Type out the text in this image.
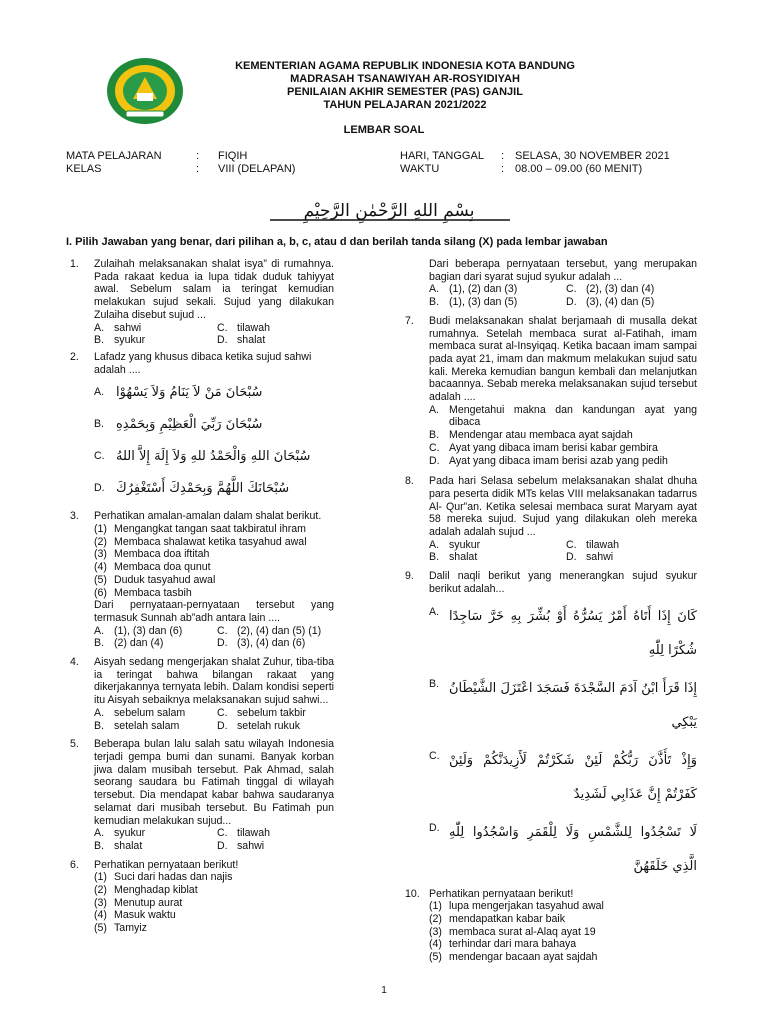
KEMENTERIAN AGAMA REPUBLIK INDONESIA KOTA BANDUNG
MADRASAH TSANAWIYAH AR-ROSYIDIYAH
PENILAIAN AKHIR SEMESTER (PAS) GANJIL
TAHUN PELAJARAN 2021/2022
LEMBAR SOAL
MATA PELAJARAN	:	FIQIH
KELAS	:	VIII (DELAPAN)
HARI, TANGGAL	: SELASA, 30 NOVEMBER 2021
WAKTU	: 08.00 – 09.00 (60 MENIT)
بِسْمِ اللهِ الرَّحْمٰنِ الرَّحِيْمِ
I. Pilih Jawaban yang benar, dari pilihan a, b, c, atau d dan berilah tanda silang (X) pada lembar jawaban
1.	Zulaihah melaksanakan shalat isya” di rumahnya. Pada rakaat kedua ia lupa tidak duduk tahiyyat awal. Sebelum salam ia teringat kemudian melakukan sujud sekali. Sujud yang dilakukan Zulaiha disebut sujud ...
A. sahwi	C. tilawah
B. syukur	D. shalat
2.	Lafadz yang khusus dibaca ketika sujud sahwi adalah ....
A. سُبْحَانَ مَنْ لاَ يَنَامُ وَلاَ يَسْهُوْا
B. سُبْحَانَ رَبِّيَ الْعَظِيْمِ وَبِحَمْدِهِ
C. سُبْحَانَ اللهِ وَالْحَمْدُ للهِ وَلاَ إِلَهَ إِلاَّ اللهُ
D. سُبْحَانَكَ اللَّهُمَّ وَبِحَمْدِكَ أَسْتَغْفِرُكَ
3.	Perhatikan amalan-amalan dalam shalat berikut.
(1) Mengangkat tangan saat takbiratul ihram
(2) Membaca shalawat ketika tasyahud awal
(3) Membaca doa iftitah
(4) Membaca doa qunut
(5) Duduk tasyahud awal
(6) Membaca tasbih
Dari pernyataan-pernyataan tersebut yang termasuk Sunnah ab”adh antara lain ....
A. (1), (3) dan (6)	C. (2), (4) dan (5) (1)
B. (2) dan (4)	D. (3), (4) dan (6)
4.	Aisyah sedang mengerjakan shalat Zuhur, tiba-tiba ia teringat bahwa bilangan rakaat yang dikerjakannya ternyata lebih. Dalam kondisi seperti itu Aisyah sebaiknya melaksanakan sujud sahwi...
A. sebelum salam	C. sebelum takbir
B. setelah salam	D. setelah rukuk
5.	Beberapa bulan lalu salah satu wilayah Indonesia terjadi gempa bumi dan sunami. Banyak korban jiwa dalam musibah tersebut. Pak Ahmad, salah seorang saudara bu Fatimah tinggal di wilayah tersebut. Dia mendapat kabar bahwa saudaranya selamat dari musibah tersebut. Bu Fatimah pun kemudian melakukan sujud...
A. syukur	C. tilawah
B. shalat	D. sahwi
6.	Perhatikan pernyataan berikut!
(1) Suci dari hadas dan najis
(2) Menghadap kiblat
(3) Menutup aurat
(4) Masuk waktu
(5) Tamyiz
Dari beberapa pernyataan tersebut, yang merupakan bagian dari syarat sujud syukur adalah ...
A. (1), (2) dan (3)	C. (2), (3) dan (4)
B. (1), (3) dan (5)	D. (3), (4) dan (5)
7.	Budi melaksanakan shalat berjamaah di musalla dekat rumahnya. Setelah membaca surat al-Fatihah, imam membaca surat al-Insyiqaq. Ketika bacaan imam sampai pada ayat 21, imam dan makmum melakukan sujud satu kali. Mereka kemudian bangun kembali dan melanjutkan bacaannya. Sebab mereka melaksanakan sujud tersebut adalah ....
A. Mengetahui makna dan kandungan ayat yang dibaca
B. Mendengar atau membaca ayat sajdah
C. Ayat yang dibaca imam berisi kabar gembira
D. Ayat yang dibaca imam berisi azab yang pedih
8.	Pada hari Selasa sebelum melaksanakan shalat dhuha para peserta didik MTs kelas VIII melaksanakan tadarrus Al- Qur”an. Ketika selesai membaca surat Maryam ayat 58 mereka sujud. Sujud yang dilakukan oleh mereka adalah adalah sujud ...
A. syukur	C. tilawah
B. shalat	D. sahwi
9.	Dalil naqli berikut yang menerangkan sujud syukur berikut adalah...
A. كَانَ إِذَا أَتَاهُ أَمْرٌ يَسُرُّهُ أَوْ بُشِّرَ بِهِ خَرَّ سَاجِدًا شُكْرًا لِلّٰهِ
B. إِذَا قَرَأَ ابْنُ آدَمَ السَّجْدَةَ فَسَجَدَ اعْتَزَلَ الشَّيْطَانُ يَبْكِي
C. وَإِذْ تَأَذَّنَ رَبُّكُمْ لَئِنْ شَكَرْتُمْ لَأَزِيدَنَّكُمْ وَلَئِنْ كَفَرْتُمْ إِنَّ عَذَابِي لَشَدِيدٌ
D. لَا تَسْجُدُوا لِلشَّمْسِ وَلَا لِلْقَمَرِ وَاسْجُدُوا لِلّٰهِ الَّذِي خَلَقَهُنَّ
10. Perhatikan pernyataan berikut!
(1) lupa mengerjakan tasyahud awal
(2) mendapatkan kabar baik
(3) membaca surat al-Alaq ayat 19
(4) terhindar dari mara bahaya
(5) mendengar bacaan ayat sajdah
1
